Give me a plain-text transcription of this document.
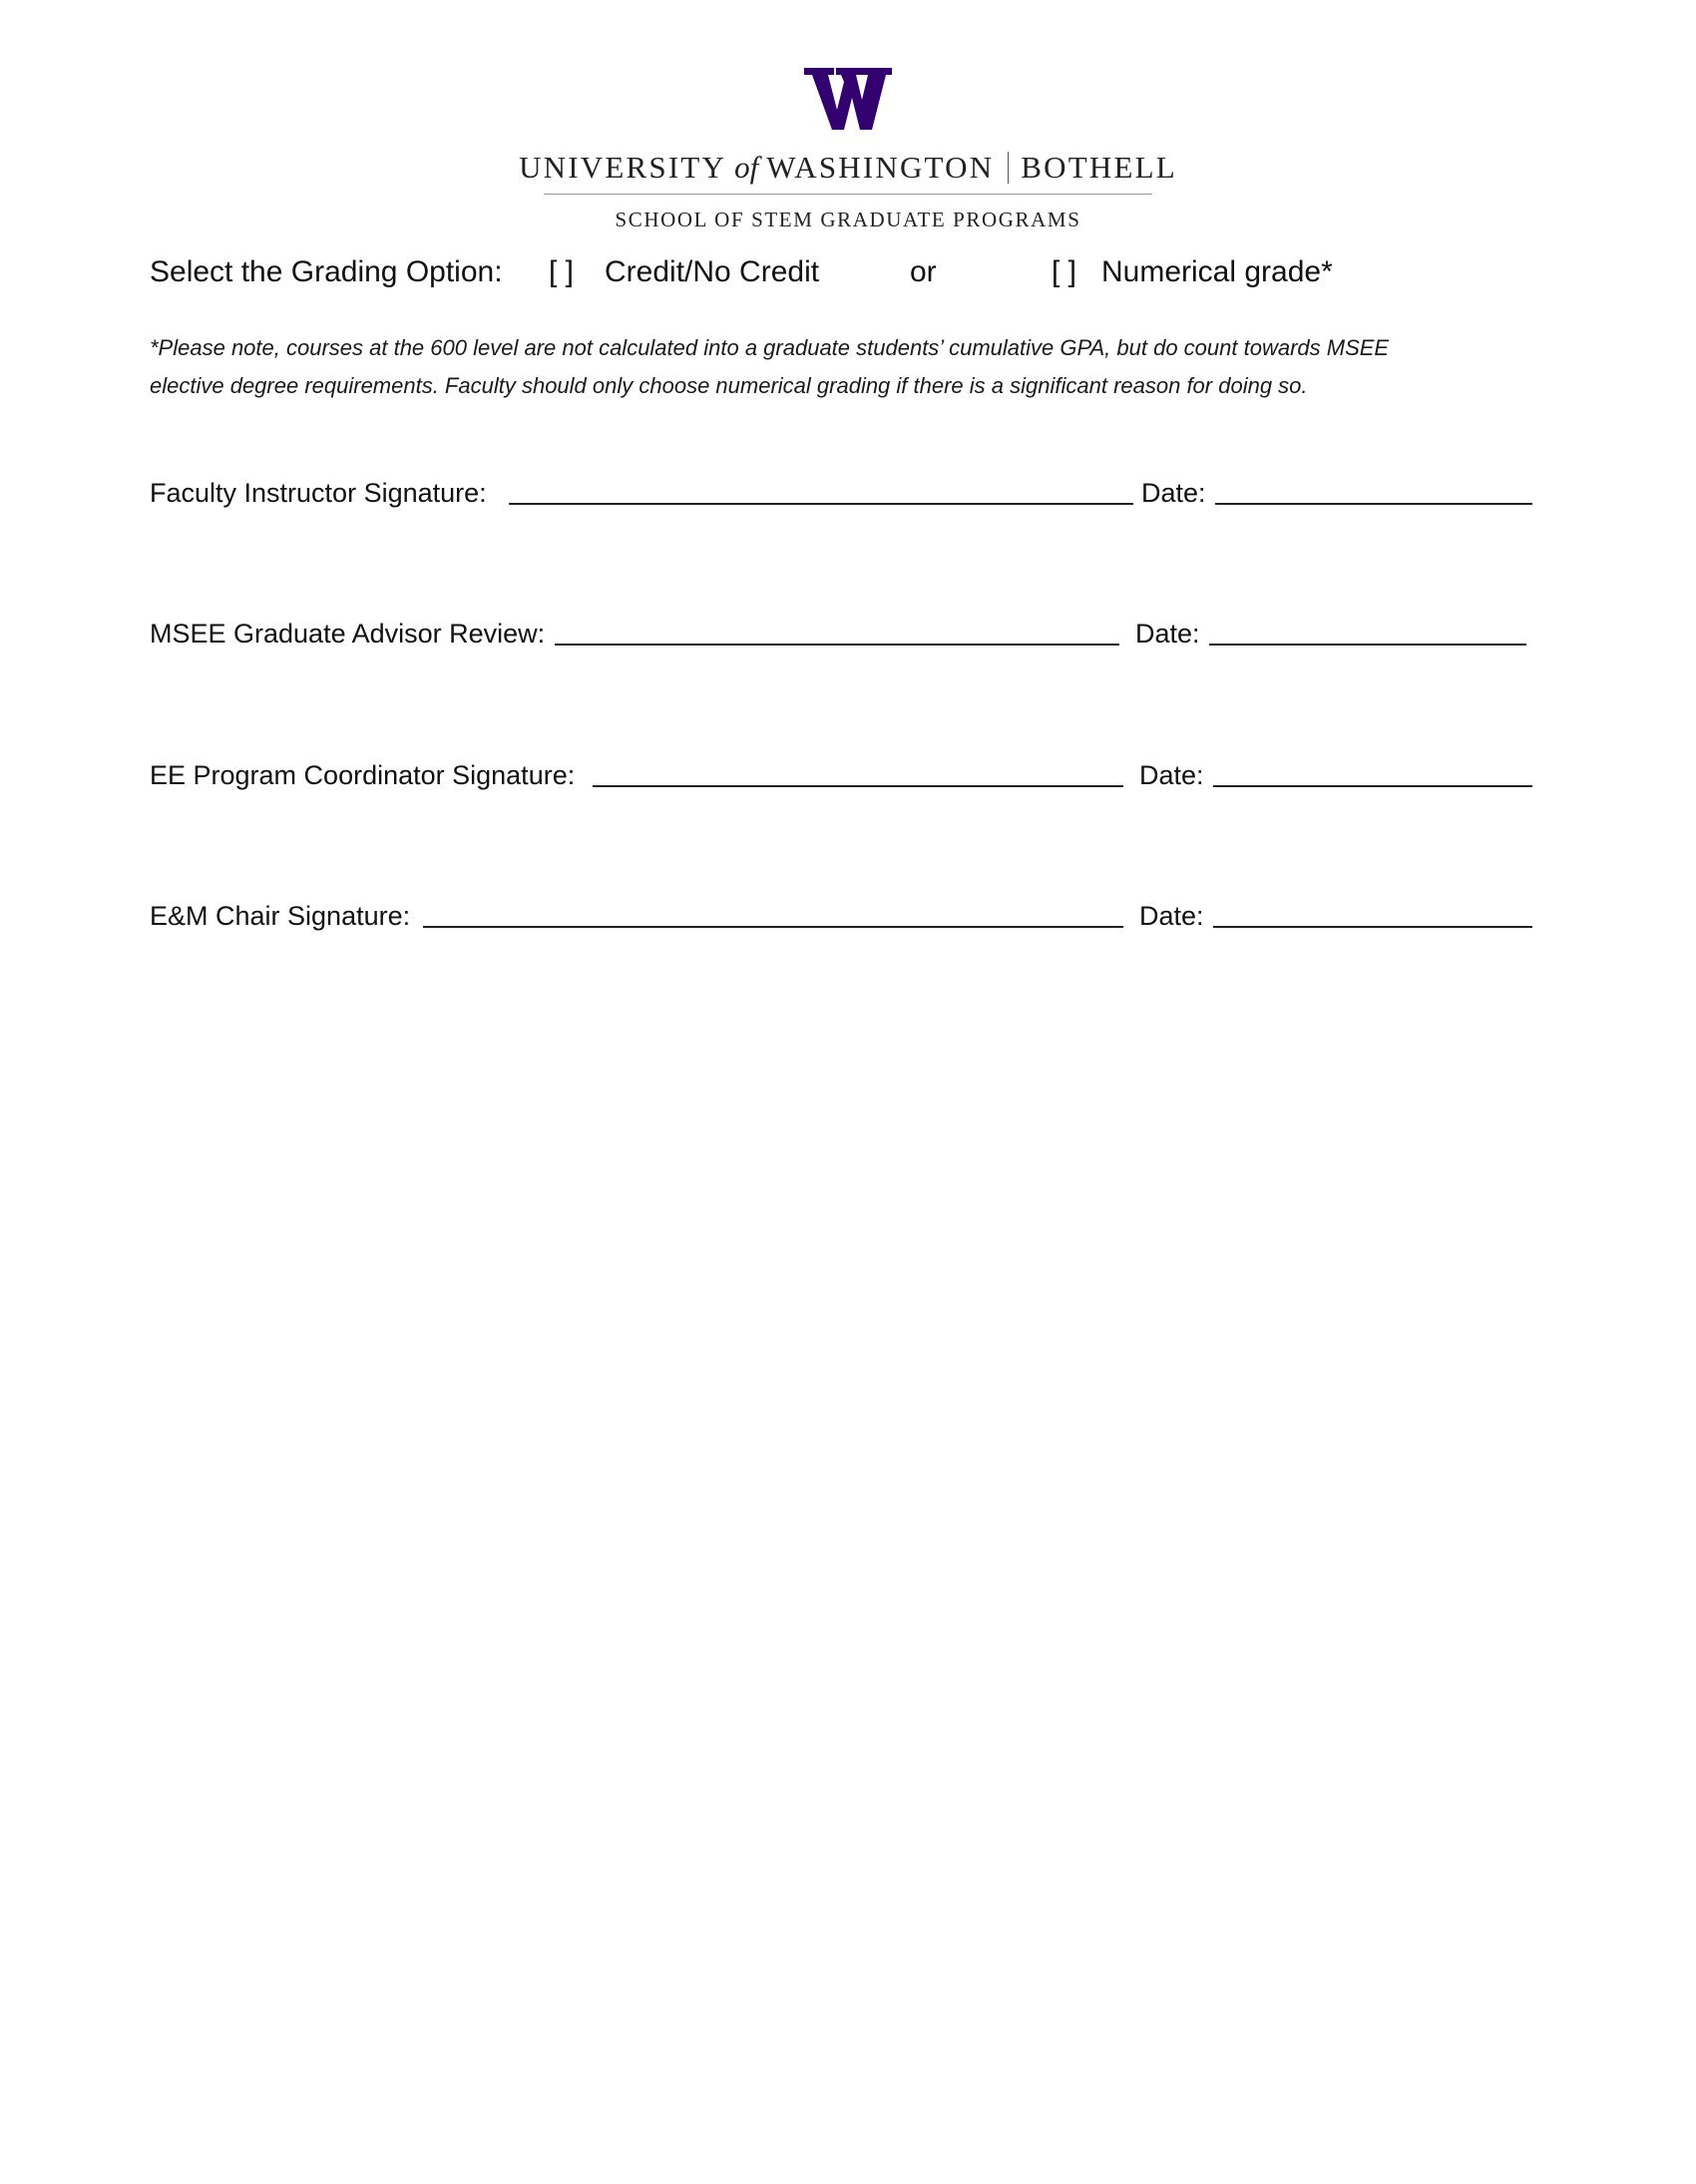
UNIVERSITY of WASHINGTON BOTHELL
SCHOOL OF STEM GRADUATE PROGRAMS
Select the Grading Option: [ ] Credit/No Credit	or	[ ] Numerical grade*

*Please note, courses at the 600 level are not calculated into a graduate students’ cumulative GPA, but do count towards MSEE

elective degree requirements. Faculty should only choose numerical grading if there is a significant reason for doing so.

Faculty Instructor Signature:	Date:
MSEE Graduate Advisor Review:	Date:
EE Program Coordinator Signature:	Date:
E&M Chair Signature:	Date:
